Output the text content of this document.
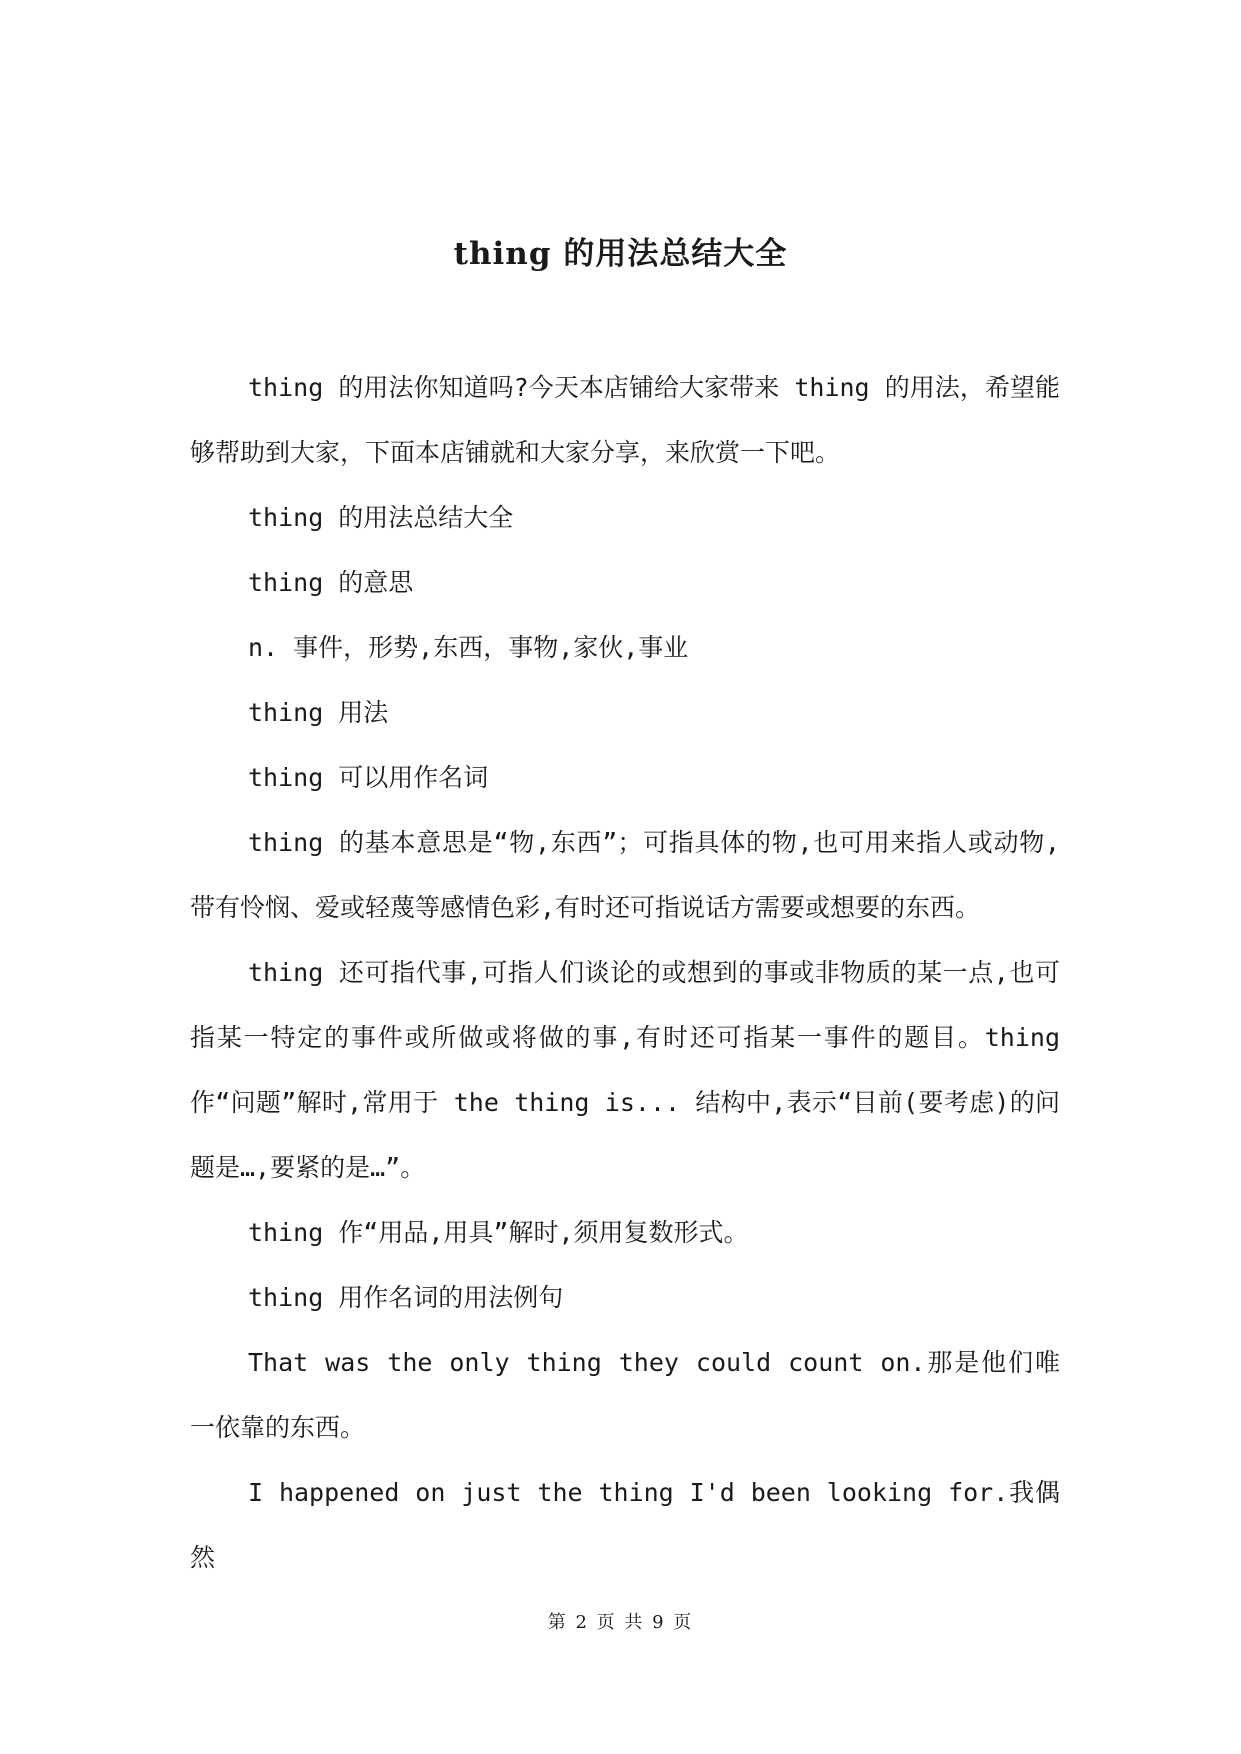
thing 的用法总结大全

thing 的用法你知道吗?今天本店铺给大家带来 thing 的用法，希望能够帮助到大家，下面本店铺就和大家分享，来欣赏一下吧。

thing 的用法总结大全

thing 的意思

n. 事件，形势,东西，事物,家伙,事业

thing 用法

thing 可以用作名词

thing 的基本意思是“物,东西”；可指具体的物,也可用来指人或动物,带有怜悯、爱或轻蔑等感情色彩,有时还可指说话方需要或想要的东西。

thing 还可指代事,可指人们谈论的或想到的事或非物质的某一点,也可指某一特定的事件或所做或将做的事,有时还可指某一事件的题目。thing 作“问题”解时,常用于 the thing is... 结构中,表示“目前(要考虑)的问题是…,要紧的是…”。

thing 作“用品,用具”解时,须用复数形式。

thing 用作名词的用法例句

That was the only thing they could count on.那是他们唯一依靠的东西。

I happened on just the thing I'd been looking for.我偶然

第 2 页 共 9 页
